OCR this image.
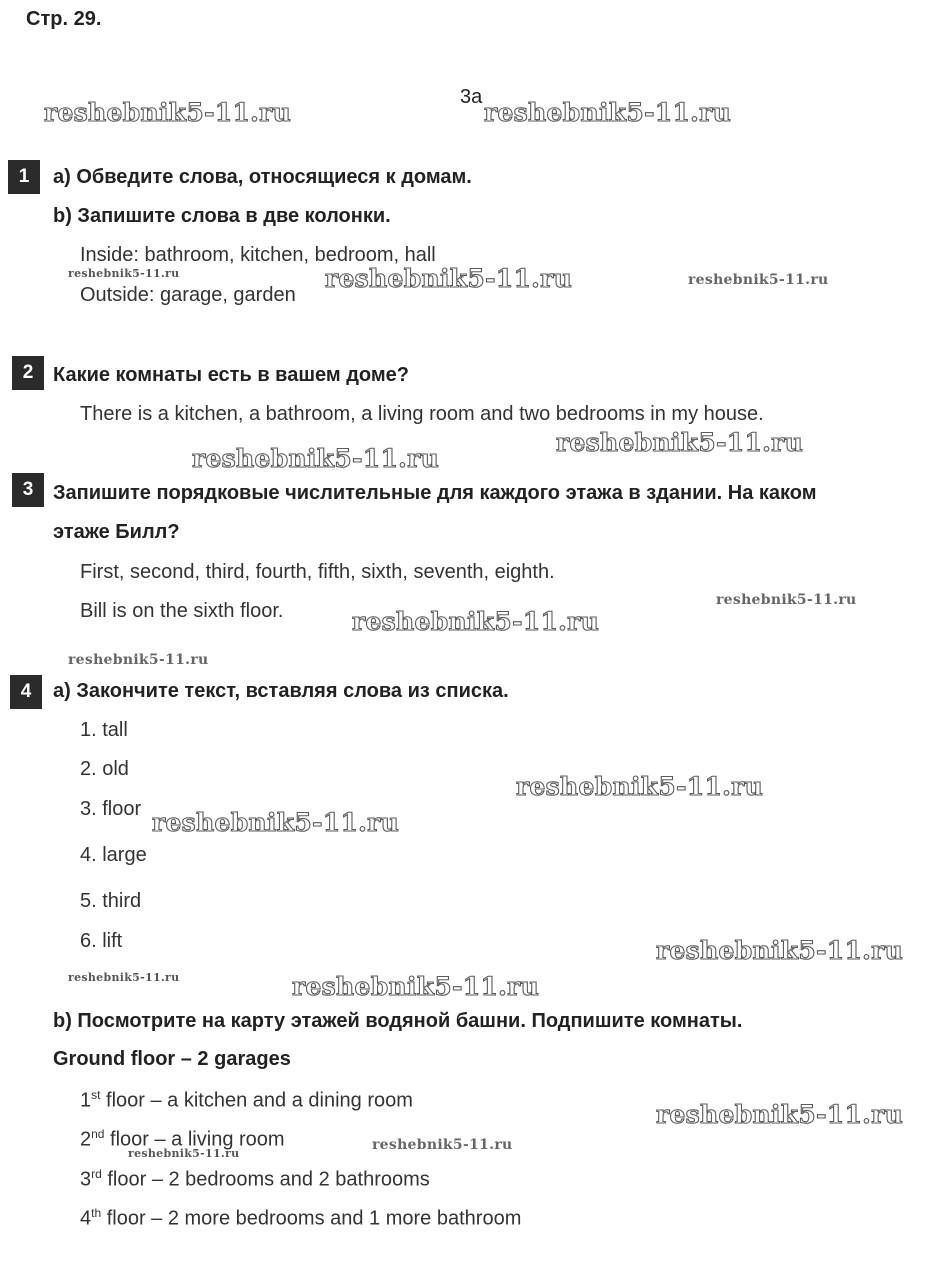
Стр. 29.
3a
reshebnik5-11.ru	reshebnik5-11.ru
reshebnik5-11.ru	reshebnik5-11.ru	reshebnik5-11.ru
reshebnik5-11.ru
reshebnik5-11.ru
reshebnik5-11.ru
reshebnik5-11.ru
reshebnik5-11.ru
reshebnik5-11.ru
reshebnik5-11.ru
reshebnik5-11.ru
reshebnik5-11.ru	reshebnik5-11.ru
reshebnik5-11.ru
reshebnik5-11.ru
reshebnik5-11.ru
1	a) Обведите слова, относящиеся к домам.
b) Запишите слова в две колонки.
Inside: bathroom, kitchen, bedroom, hall
Outside: garage, garden
2 Какие комнаты есть в вашем доме?
There is a kitchen, a bathroom, a living room and two bedrooms in my house.
3 Запишите порядковые числительные для каждого этажа в здании. На каком
этаже Билл?
First, second, third, fourth, fifth, sixth, seventh, eighth.
Bill is on the sixth floor.
4	a) Закончите текст, вставляя слова из списка.
1. tall
2. old
3. floor
4. large
5. third
6. lift
b) Посмотрите на карту этажей водяной башни. Подпишите комнаты.
Ground floor – 2 garages
1st floor – a kitchen and a dining room
2nd floor – a living room
3rd floor – 2 bedrooms and 2 bathrooms
4th floor – 2 more bedrooms and 1 more bathroom
